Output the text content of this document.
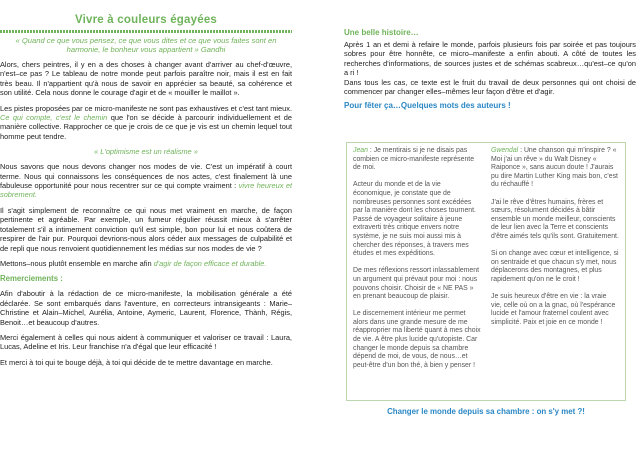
Vivre à couleurs égayées
« Quand ce que vous pensez, ce que vous dites et ce que vous faites sont en harmonie, le bonheur vous appartient » Gandhi

Alors, chers peintres, il y en a des choses à changer avant d'arriver au chef-d'œuvre, n'est–ce pas ? Le tableau de notre monde peut parfois paraître noir, mais il est en fait très beau. Il n'appartient qu'à nous de savoir en apprécier sa beauté, sa cohérence et son utilité. Cela nous donne le courage d'agir et de « mouiller le maillot ».

Les pistes proposées par ce micro-manifeste ne sont pas exhaustives et c'est tant mieux. Ce qui compte, c'est le chemin que l'on se décide à parcourir individuellement et de manière collective. Rapprocher ce que je crois de ce que je vis est un chemin lequel tout homme peut tendre.

« L'optimisme est un réalisme »

Nous savons que nous devons changer nos modes de vie. C'est un impératif à court terme. Nous qui connaissons les conséquences de nos actes, c'est finalement là une fabuleuse opportunité pour nous recentrer sur ce qui compte vraiment : vivre heureux et sobrement.

Il s'agit simplement de reconnaître ce qui nous met vraiment en marche, de façon pertinente et agréable. Par exemple, un fumeur régulier réussit mieux à s'arrêter totalement s'il a intimement conviction qu'il est simple, bon pour lui et nous coûtera de respirer de l'air pur. Pourquoi devrions-nous alors céder aux messages de culpabilité et de repli que nous renvoient quotidiennement les médias sur nos modes de vie ?

Mettons–nous plutôt ensemble en marche afin d'agir de façon efficace et durable.

Remerciements :

Afin d'aboutir à la rédaction de ce micro-manifeste, la mobilisation générale a été déclarée. Se sont embarqués dans l'aventure, en correcteurs intransigeants : Marie–Christine et Alain–Michel, Aurélia, Antoine, Aymeric, Laurent, Florence, Thành, Régis, Benoit…et beaucoup d'autres.

Merci également à celles qui nous aident à communiquer et valoriser ce travail : Laura, Lucas, Adeline et Iris. Leur franchise n'a d'égal que leur efficacité !

Et merci à toi qui te bouge déjà, à toi qui décide de te mettre davantage en marche.

Une belle histoire…

Après 1 an et demi à refaire le monde, parfois plusieurs fois par soirée et pas toujours sobres pour être honnête, ce micro–manifeste a enfin abouti. A côté de toutes les recherches d'informations, de sources justes et de schémas scabreux…qu'est–ce qu'on a ri !

Dans tous les cas, ce texte est le fruit du travail de deux personnes qui ont choisi de commencer par changer elles–mêmes leur façon d'être et d'agir.

Pour fêter ça…Quelques mots des auteurs !

Jean : Je mentirais si je ne disais pas combien ce micro-manifeste représente de moi.

Acteur du monde et de la vie économique, je constate que de nombreuses personnes sont excédées par la manière dont les choses tournent. Passé de voyageur solitaire à jeune extraverti très critique envers notre système, je ne suis moi aussi mis à chercher des réponses, à travers mes études et mes expéditions.

De mes réflexions ressort inlassablement un argument qui prévaut pour moi : nous pouvons choisir. Choisir de « NE PAS » en prenant beaucoup de plaisir.

Le discernement intérieur me permet alors dans une grande mesure de me réapproprier ma liberté quant à mes choix de vie. A être plus lucide qu'utopiste. Car changer le monde depuis sa chambre dépend de moi, de vous, de nous…et peut-être d'un bon thé, à bien y penser !

Gwendal : Une chanson qui m'inspire ? « Moi j'ai un rêve » du Walt Disney « Raiponce », sans aucun doute ! J'aurais pu dire Martin Luther King mais bon, c'est du réchauffé !

J'ai le rêve d'êtres humains, frères et sœurs, résolument décidés à bâtir ensemble un monde meilleur, conscients de leur lien avec la Terre et conscients d'être aimés tels qu'ils sont. Gratuitement.

Si on change avec cœur et intelligence, si on sentraide et que chacun s'y met, nous déplacerons des montagnes, et plus rapidement qu'on ne le croit !

Je suis heureux d'être en vie : la vraie vie, celle où on a la gnac, où l'espérance lucide et l'amour fraternel coulent avec simplicité. Paix et joie en ce monde !

Changer le monde depuis sa chambre : on s'y met ?!
